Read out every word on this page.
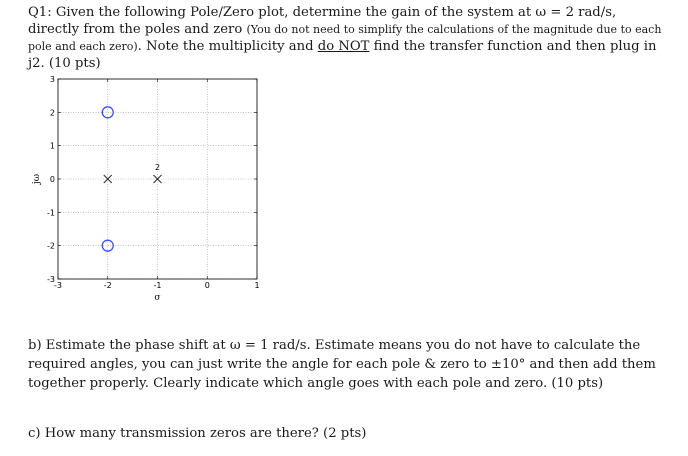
Q1: Given the following Pole/Zero plot, determine the gain of the system at ω = 2 rad/s, directly from the poles and zero (You do not need to simplify the calculations of the magnitude due to each pole and each zero). Note the multiplicity and do NOT find the transfer function and then plug in j2. (10 pts)
-3	-2	-1	0	1
-3
-2
-1
0
1
2
3
2
σ
jω
b) Estimate the phase shift at ω = 1 rad/s. Estimate means you do not have to calculate the required angles, you can just write the angle for each pole & zero to ±10° and then add them together properly. Clearly indicate which angle goes with each pole and zero. (10 pts)
c) How many transmission zeros are there? (2 pts)
